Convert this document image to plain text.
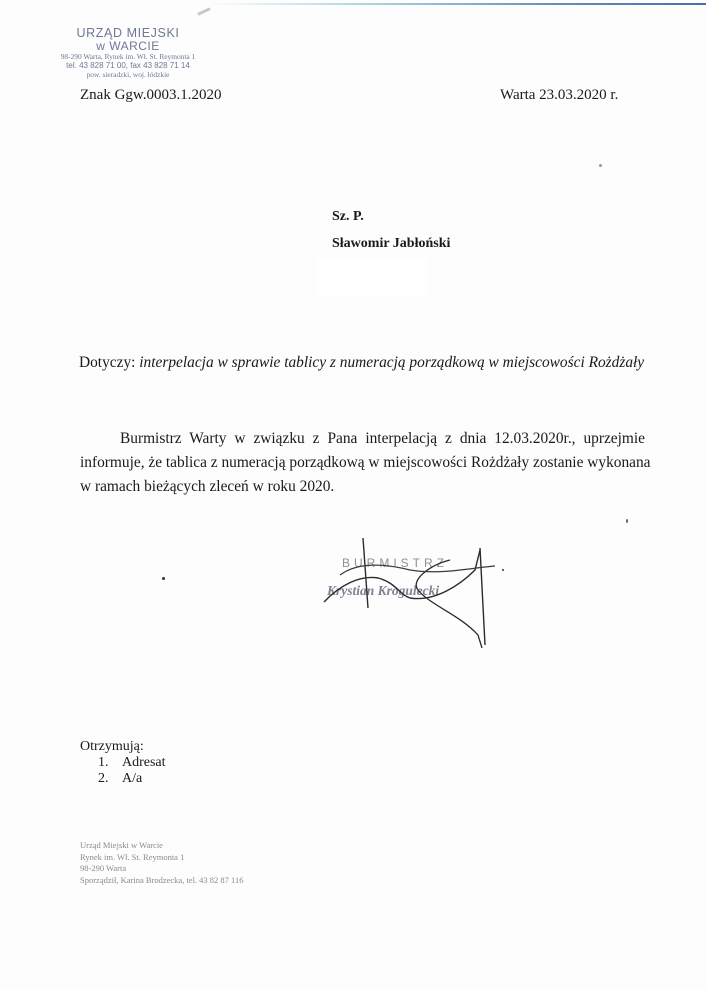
URZĄD MIEJSKI
w WARCIE
98-290 Warta, Rynek im. Wł. St. Reymonta 1
tel. 43 828 71 00, fax 43 828 71 14
pow. sieradzki, woj. łódzkie
Znak Ggw.0003.1.2020	Warta 23.03.2020 r.
Sz. P.
Sławomir Jabłoński
Dotyczy: interpelacja w sprawie tablicy z numeracją porządkową w miejscowości Rożdżały
Burmistrz Warty w związku z Pana interpelacją z dnia 12.03.2020r., uprzejmie
informuje, że tablica z numeracją porządkową w miejscowości Rożdżały zostanie wykonana
w ramach bieżących zleceń w roku 2020.
BURMISTRZ
Krystian Krogulecki
Otrzymują:
1. Adresat
2. A/a
Urząd Miejski w Warcie
Rynek im. Wł. St. Reymonta 1
98-290 Warta
Sporządził, Karina Brodzecka, tel. 43 82 87 116
